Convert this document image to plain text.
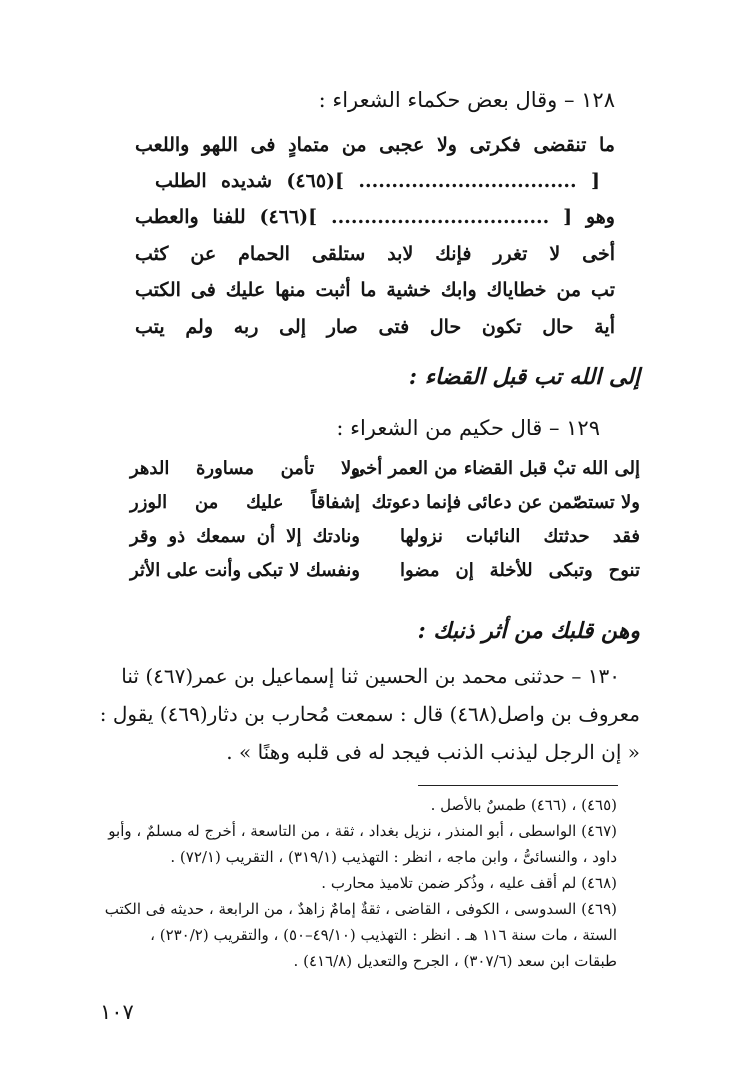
١٢٨ – وقال بعض حكماء الشعراء :
ما تنقضى فكرتى ولا عجبى من متمادٍ فى اللهو واللعب
[ ................................. ](٤٦٥) شديده الطلب
وهو [ ................................. ](٤٦٦) للفنا والعطب
أخى لا تغرر فإنك لابد ستلقى الحمام عن كثب
تب من خطاياك وابك خشية ما أثبت منها عليك فى الكتب
أية حال تكون حال فتى صار إلى ربه ولم يتب
إلى الله تب قبل القضاء :
١٢٩ – قال حكيم من الشعراء :
إلى الله تبْ قبل القضاء من العمر أخى
ولا تستصّمن عن دعائى فإنما دعوتك
فقد حدثتك النائبات نزولها
تنوح وتبكى للأخلة إن مضوا
ولا تأمن مساورة الدهر
إشفاقاً عليك من الوزر
ونادتك إلا أن سمعك ذو وقر
ونفسك لا تبكى وأنت على الأثر
وهن قلبك من أثر ذنبك :
١٣٠ – حدثنى محمد بن الحسين ثنا إسماعيل بن عمر(٤٦٧) ثنا
معروف بن واصل(٤٦٨) قال : سمعت مُحارب بن دثار(٤٦٩) يقول :
« إن الرجل ليذنب الذنب فيجد له فى قلبه وهنًا » .
(٤٦٥) ، (٤٦٦) طمسٌ بالأصل .
(٤٦٧) الواسطى ، أبو المنذر ، نزيل بغداد ، ثقة ، من التاسعة ، أخرج له مسلمٌ ، وأبو
داود ، والنسائىُّ ، وابن ماجه ، انظر : التهذيب (٣١٩/١) ، التقريب (٧٢/١) .
(٤٦٨) لم أقف عليه ، وذُكر ضمن تلاميذ محارب .
(٤٦٩) السدوسى ، الكوفى ، القاضى ، ثقةٌ إمامٌ زاهدٌ ، من الرابعة ، حديثه فى الكتب
الستة ، مات سنة ١١٦ هـ . انظر : التهذيب (٤٩/١٠–٥٠) ، والتقريب (٢٣٠/٢) ،
طبقات ابن سعد (٣٠٧/٦) ، الجرح والتعديل (٤١٦/٨) .
١٠٧
